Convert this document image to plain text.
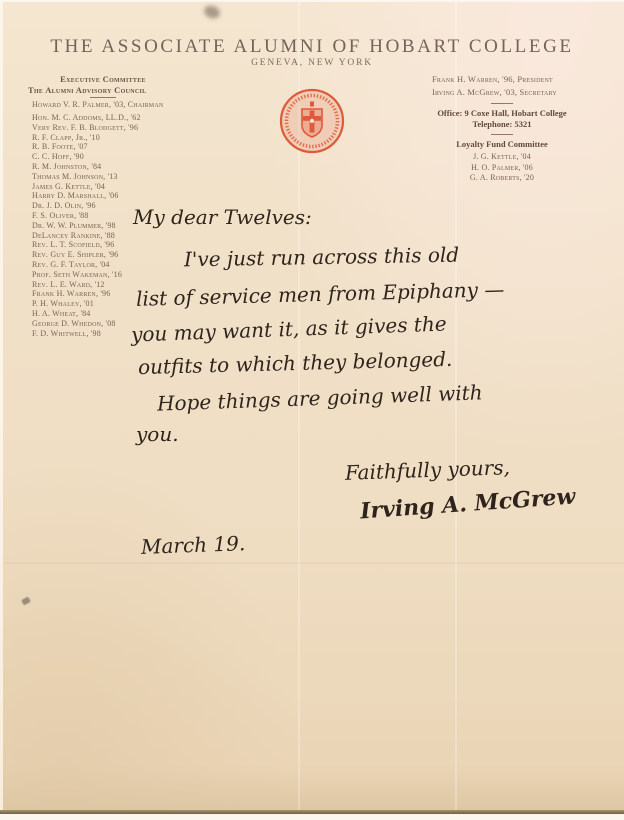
THE ASSOCIATE ALUMNI OF HOBART COLLEGE
GENEVA, NEW YORK
Executive Committee
The Alumni Advisory Council
Howard V. R. Palmer, '03, Chairman
Hon. M. C. Addoms, LL.D., '62
Very Rev. F. B. Blodgett, '96
R. F. Clapp, Jr., '10
R. B. Foote, '07
C. C. Hoff, '90
R. M. Johnston, '84
Thomas M. Johnson, '13
James G. Kettle, '04
Harry D. Marshall, '06
Dr. J. D. Olin, '96
F. S. Oliver, '88
Dr. W. W. Plummer, '98
DeLancey Rankine, '88
Rev. L. T. Scofield, '96
Rev. Guy E. Shipler, '96
Rev. G. F. Taylor, '04
Prof. Seth Wakeman, '16
Rev. L. E. Ward, '12
Frank H. Warren, '96
P. H. Whaley, '01
H. A. Wheat, '84
George D. Whedon, '08
F. D. Whitwell, '98
Frank H. Warren, '96, President
Irving A. McGrew, '03, Secretary
Office: 9 Coxe Hall, Hobart College
Telephone: 5321
Loyalty Fund Committee
J. G. Kettle, '04
H. O. Palmer, '06
G. A. Roberts, '20
My dear Twelves:
I've just run across this old
list of service men from Epiphany —
you may want it, as it gives the
outfits to which they belonged.
Hope things are going well with
you.
Faithfully yours,
Irving A. McGrew
March 19.
